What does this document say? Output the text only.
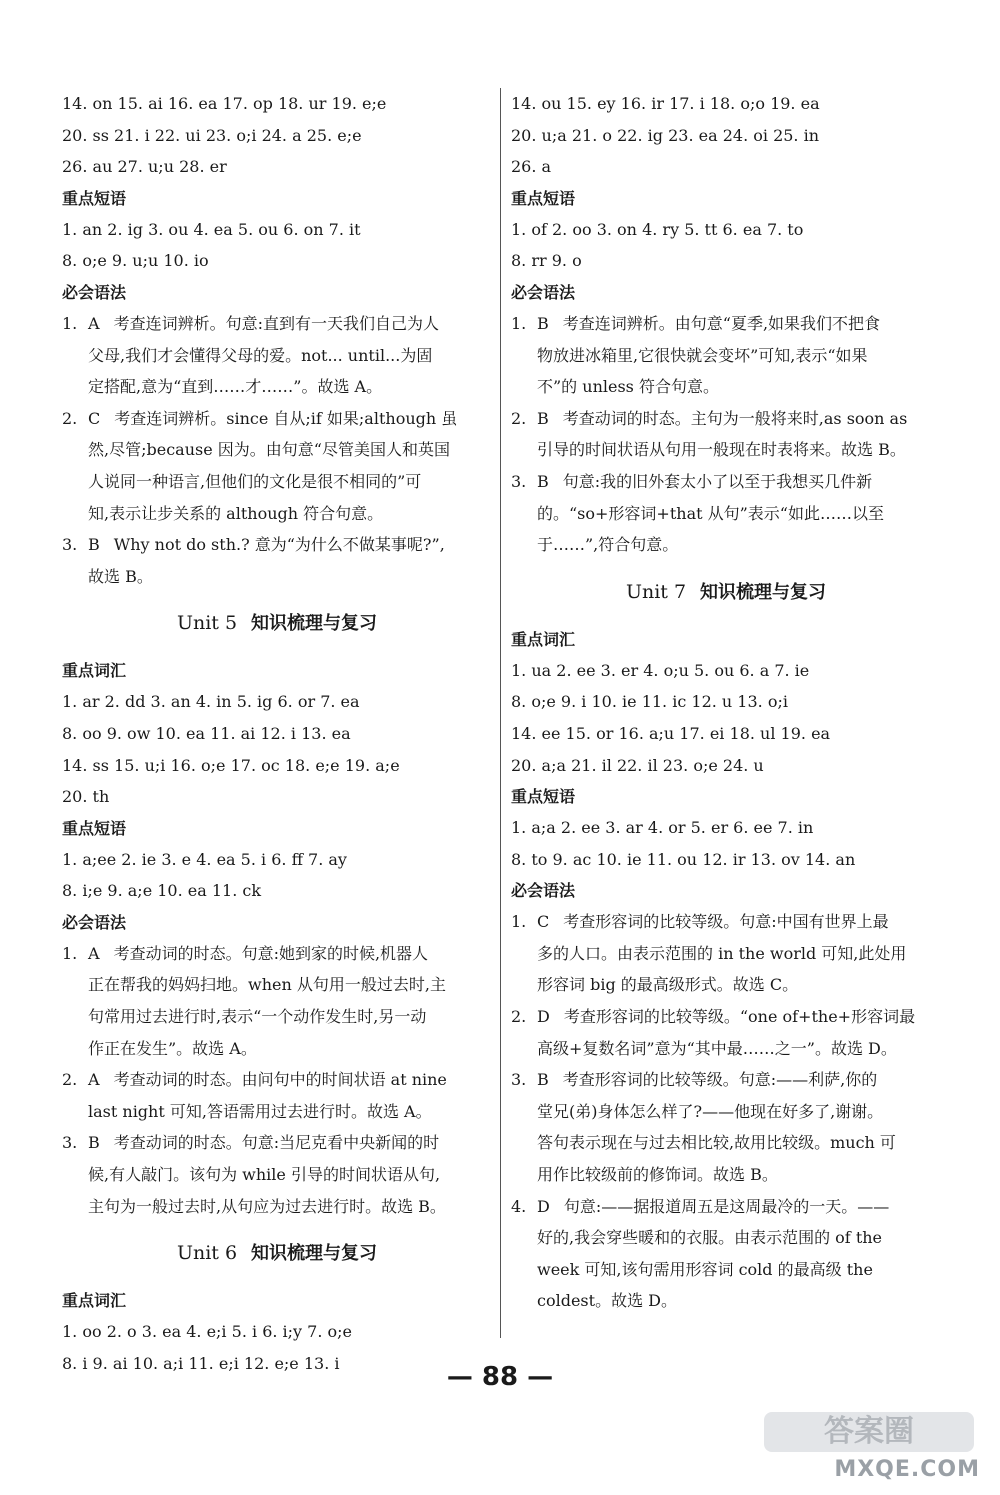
14. on 15. ai 16. ea 17. op 18. ur 19. e;e
20. ss 21. i 22. ui 23. o;i 24. a 25. e;e
26. au 27. u;u 28. er
重点短语
1. an 2. ig 3. ou 4. ea 5. ou 6. on 7. it
8. o;e 9. u;u 10. io
必会语法
1. A 考查连词辨析。句意:直到有一天我们自己为人
父母,我们才会懂得父母的爱。not... until...为固
定搭配,意为“直到……才……”。故选 A。
2. C 考查连词辨析。since 自从;if 如果;although 虽
然,尽管;because 因为。由句意“尽管美国人和英国
人说同一种语言,但他们的文化是很不相同的”可
知,表示让步关系的 although 符合句意。
3. B Why not do sth.? 意为“为什么不做某事呢?”,
故选 B。
Unit 5 知识梳理与复习
重点词汇
1. ar 2. dd 3. an 4. in 5. ig 6. or 7. ea
8. oo 9. ow 10. ea 11. ai 12. i 13. ea
14. ss 15. u;i 16. o;e 17. oc 18. e;e 19. a;e
20. th
重点短语
1. a;ee 2. ie 3. e 4. ea 5. i 6. ff 7. ay
8. i;e 9. a;e 10. ea 11. ck
必会语法
1. A 考查动词的时态。句意:她到家的时候,机器人
正在帮我的妈妈扫地。when 从句用一般过去时,主
句常用过去进行时,表示“一个动作发生时,另一动
作正在发生”。故选 A。
2. A 考查动词的时态。由问句中的时间状语 at nine
last night 可知,答语需用过去进行时。故选 A。
3. B 考查动词的时态。句意:当尼克看中央新闻的时
候,有人敲门。该句为 while 引导的时间状语从句,
主句为一般过去时,从句应为过去进行时。故选 B。
Unit 6 知识梳理与复习
重点词汇
1. oo 2. o 3. ea 4. e;i 5. i 6. i;y 7. o;e
8. i 9. ai 10. a;i 11. e;i 12. e;e 13. i
14. ou 15. ey 16. ir 17. i 18. o;o 19. ea
20. u;a 21. o 22. ig 23. ea 24. oi 25. in
26. a
重点短语
1. of 2. oo 3. on 4. ry 5. tt 6. ea 7. to
8. rr 9. o
必会语法
1. B 考查连词辨析。由句意“夏季,如果我们不把食
物放进冰箱里,它很快就会变坏”可知,表示“如果
不”的 unless 符合句意。
2. B 考查动词的时态。主句为一般将来时,as soon as
引导的时间状语从句用一般现在时表将来。故选 B。
3. B 句意:我的旧外套太小了以至于我想买几件新
的。“so+形容词+that 从句”表示“如此……以至
于……”,符合句意。
Unit 7 知识梳理与复习
重点词汇
1. ua 2. ee 3. er 4. o;u 5. ou 6. a 7. ie
8. o;e 9. i 10. ie 11. ic 12. u 13. o;i
14. ee 15. or 16. a;u 17. ei 18. ul 19. ea
20. a;a 21. il 22. il 23. o;e 24. u
重点短语
1. a;a 2. ee 3. ar 4. or 5. er 6. ee 7. in
8. to 9. ac 10. ie 11. ou 12. ir 13. ov 14. an
必会语法
1. C 考查形容词的比较等级。句意:中国有世界上最
多的人口。由表示范围的 in the world 可知,此处用
形容词 big 的最高级形式。故选 C。
2. D 考查形容词的比较等级。“one of+the+形容词最
高级+复数名词”意为“其中最……之一”。故选 D。
3. B 考查形容词的比较等级。句意:——利萨,你的
堂兄(弟)身体怎么样了?——他现在好多了,谢谢。
答句表示现在与过去相比较,故用比较级。much 可
用作比较级前的修饰词。故选 B。
4. D 句意:——据报道周五是这周最冷的一天。——
好的,我会穿些暖和的衣服。由表示范围的 of the
week 可知,该句需用形容词 cold 的最高级 the
coldest。故选 D。
— 88 —
答案圈
MXQE.COM
